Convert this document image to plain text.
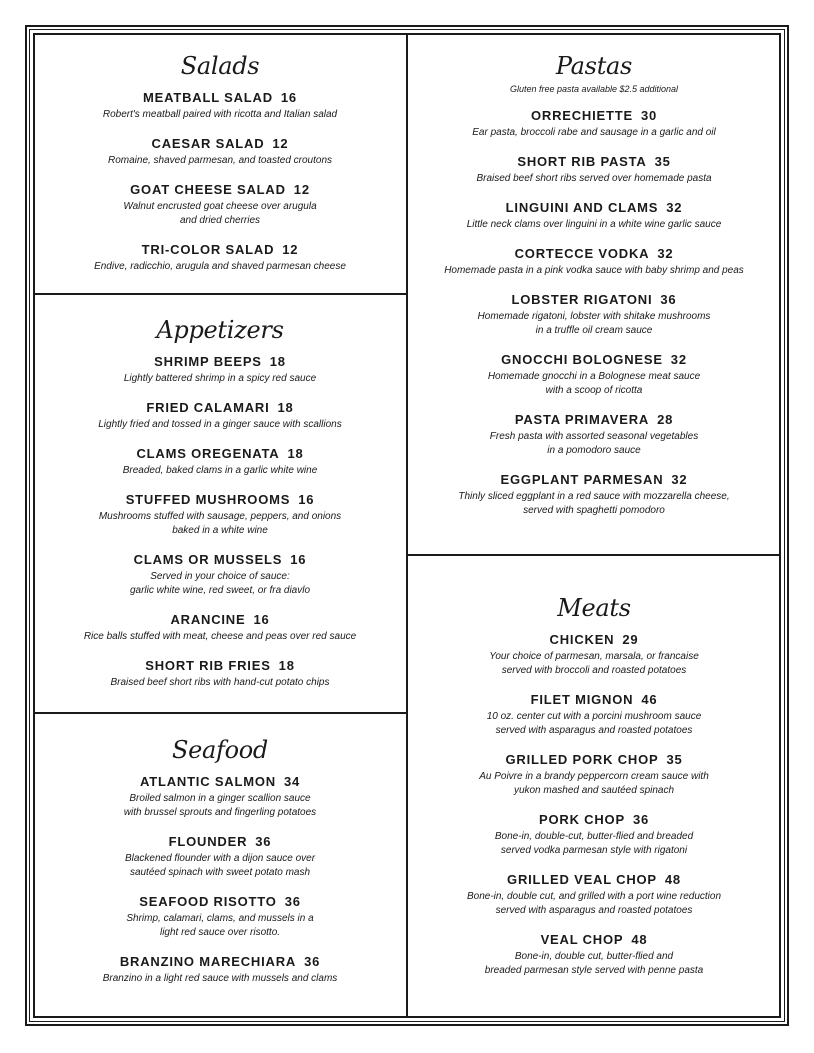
Salads
MEATBALL SALAD 16
Robert's meatball paired with ricotta and Italian salad
CAESAR SALAD 12
Romaine, shaved parmesan, and toasted croutons
GOAT CHEESE SALAD 12
Walnut encrusted goat cheese over arugula
and dried cherries
TRI-COLOR SALAD 12
Endive, radicchio, arugula and shaved parmesan cheese
Appetizers
SHRIMP BEEPS 18
Lightly battered shrimp in a spicy red sauce
FRIED CALAMARI 18
Lightly fried and tossed in a ginger sauce with scallions
CLAMS OREGENATA 18
Breaded, baked clams in a garlic white wine
STUFFED MUSHROOMS 16
Mushrooms stuffed with sausage, peppers, and onions
baked in a white wine
CLAMS OR MUSSELS 16
Served in your choice of sauce:
garlic white wine, red sweet, or fra diavlo
ARANCINE 16
Rice balls stuffed with meat, cheese and peas over red sauce
SHORT RIB FRIES 18
Braised beef short ribs with hand-cut potato chips
Seafood
ATLANTIC SALMON 34
Broiled salmon in a ginger scallion sauce
with brussel sprouts and fingerling potatoes
FLOUNDER 36
Blackened flounder with a dijon sauce over
sautéed spinach with sweet potato mash
SEAFOOD RISOTTO 36
Shrimp, calamari, clams, and mussels in a
light red sauce over risotto.
BRANZINO MARECHIARA 36
Branzino in a light red sauce with mussels and clams
Pastas
Gluten free pasta available $2.5 additional
ORRECHIETTE 30
Ear pasta, broccoli rabe and sausage in a garlic and oil
SHORT RIB PASTA 35
Braised beef short ribs served over homemade pasta
LINGUINI AND CLAMS 32
Little neck clams over linguini in a white wine garlic sauce
CORTECCE VODKA 32
Homemade pasta in a pink vodka sauce with baby shrimp and peas
LOBSTER RIGATONI 36
Homemade rigatoni, lobster with shitake mushrooms
in a truffle oil cream sauce
GNOCCHI BOLOGNESE 32
Homemade gnocchi in a Bolognese meat sauce
with a scoop of ricotta
PASTA PRIMAVERA 28
Fresh pasta with assorted seasonal vegetables
in a pomodoro sauce
EGGPLANT PARMESAN 32
Thinly sliced eggplant in a red sauce with mozzarella cheese,
served with spaghetti pomodoro
Meats
CHICKEN 29
Your choice of parmesan, marsala, or francaise
served with broccoli and roasted potatoes
FILET MIGNON 46
10 oz. center cut with a porcini mushroom sauce
served with asparagus and roasted potatoes
GRILLED PORK CHOP 35
Au Poivre in a brandy peppercorn cream sauce with
yukon mashed and sautéed spinach
PORK CHOP 36
Bone-in, double-cut, butter-flied and breaded
served vodka parmesan style with rigatoni
GRILLED VEAL CHOP 48
Bone-in, double cut, and grilled with a port wine reduction
served with asparagus and roasted potatoes
VEAL CHOP 48
Bone-in, double cut, butter-flied and
breaded parmesan style served with penne pasta
